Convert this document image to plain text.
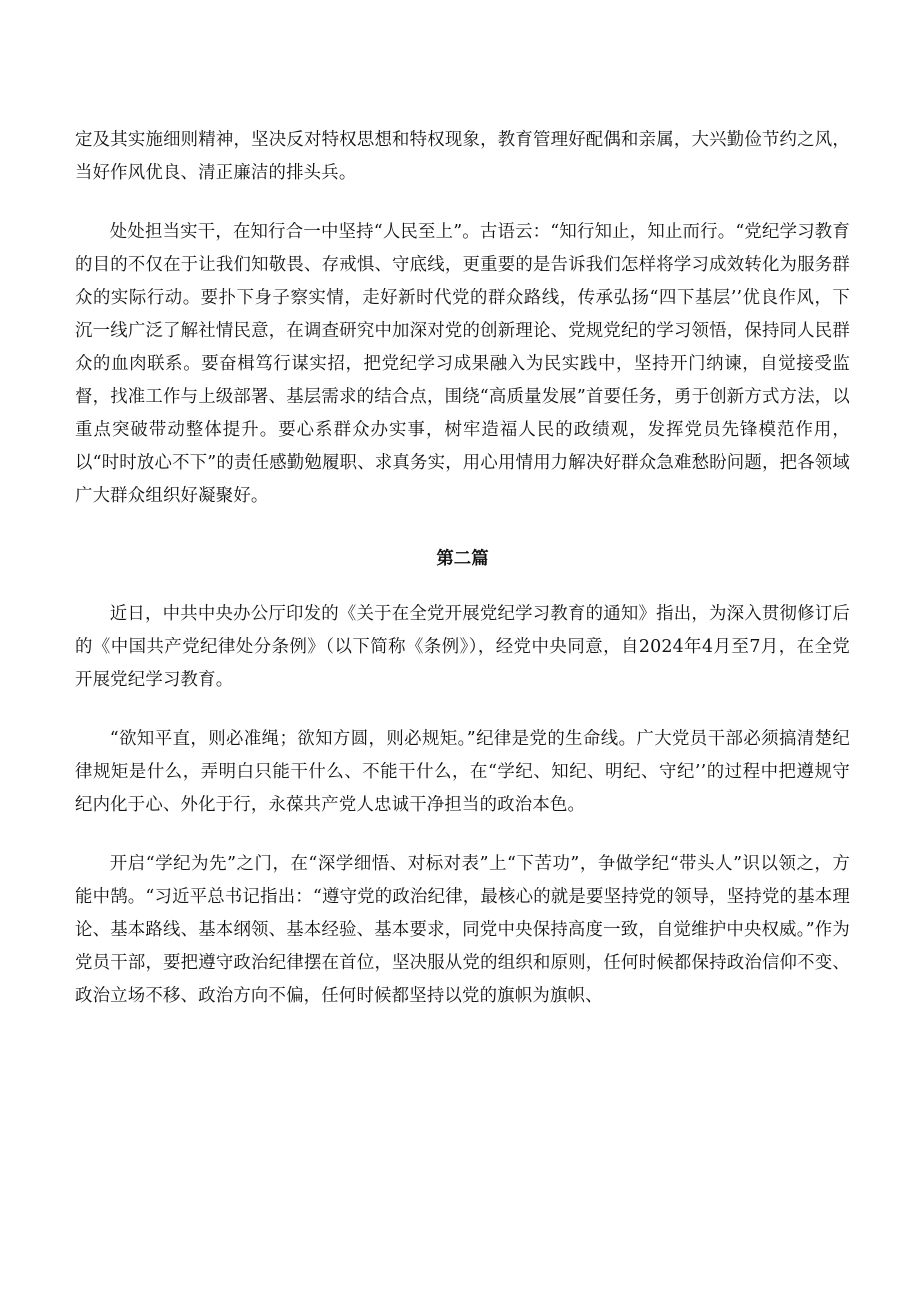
定及其实施细则精神，坚决反对特权思想和特权现象，教育管理好配偶和亲属，大兴勤俭节约之风，当好作风优良、清正廉洁的排头兵。

处处担当实干，在知行合一中坚持“人民至上”。古语云：“知行知止，知止而行。“党纪学习教育的目的不仅在于让我们知敬畏、存戒惧、守底线，更重要的是告诉我们怎样将学习成效转化为服务群众的实际行动。要扑下身子察实情，走好新时代党的群众路线，传承弘扬“四下基层’’优良作风，下沉一线广泛了解社情民意，在调查研究中加深对党的创新理论、党规党纪的学习领悟，保持同人民群众的血肉联系。要奋楫笃行谋实招，把党纪学习成果融入为民实践中，坚持开门纳谏，自觉接受监督，找准工作与上级部署、基层需求的结合点，围绕“高质量发展”首要任务，勇于创新方式方法，以重点突破带动整体提升。要心系群众办实事，树牢造福人民的政绩观，发挥党员先锋模范作用，以“时时放心不下”的责任感勤勉履职、求真务实，用心用情用力解决好群众急难愁盼问题，把各领域广大群众组织好凝聚好。

第二篇

近日，中共中央办公厅印发的《关于在全党开展党纪学习教育的通知》指出，为深入贯彻修订后的《中国共产党纪律处分条例》（以下简称《条例》），经党中央同意，自2024年4月至7月，在全党开展党纪学习教育。

“欲知平直，则必准绳；欲知方圆，则必规矩。”纪律是党的生命线。广大党员干部必须搞清楚纪律规矩是什么，弄明白只能干什么、不能干什么，在“学纪、知纪、明纪、守纪’’的过程中把遵规守纪内化于心、外化于行，永葆共产党人忠诚干净担当的政治本色。

开启“学纪为先”之门，在“深学细悟、对标对表”上“下苦功”，争做学纪“带头人”识以领之，方能中鹄。“习近平总书记指出：“遵守党的政治纪律，最核心的就是要坚持党的领导，坚持党的基本理论、基本路线、基本纲领、基本经验、基本要求，同党中央保持高度一致，自觉维护中央权威。”作为党员干部，要把遵守政治纪律摆在首位，坚决服从党的组织和原则，任何时候都保持政治信仰不变、政治立场不移、政治方向不偏，任何时候都坚持以党的旗帜为旗帜、
